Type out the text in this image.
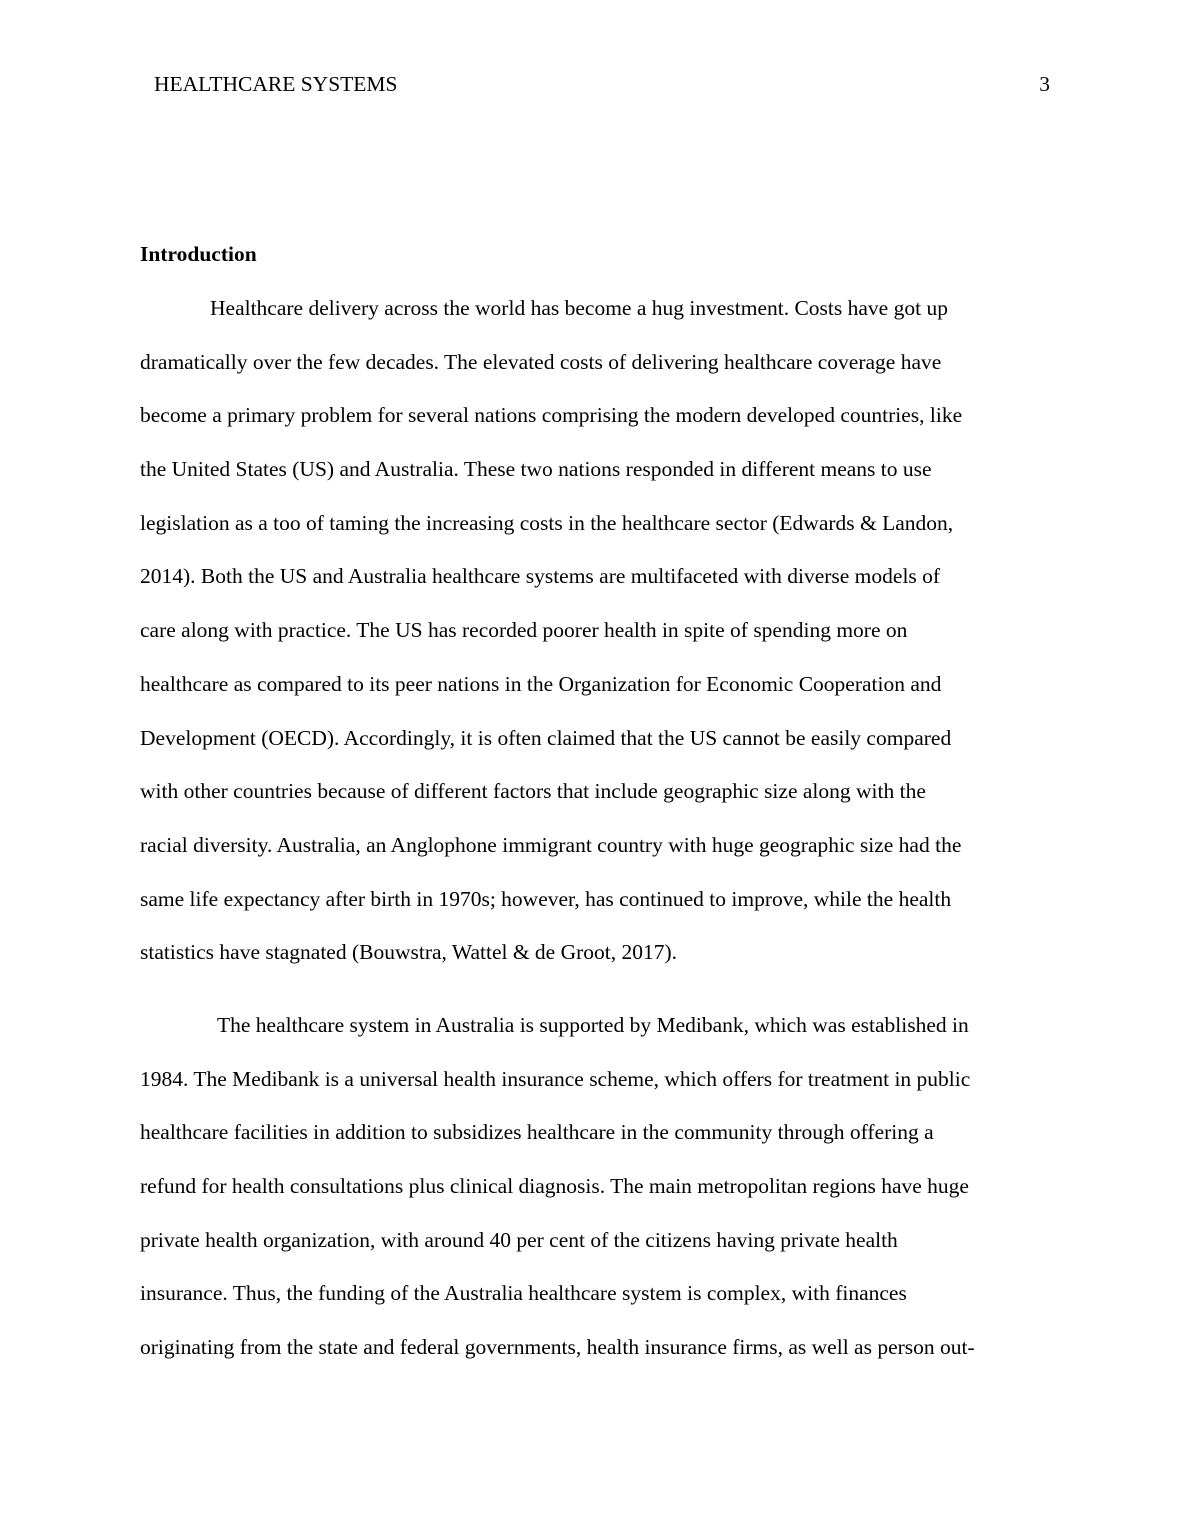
HEALTHCARE SYSTEMS	3
Introduction

Healthcare delivery across the world has become a hug investment. Costs have got up
dramatically over the few decades. The elevated costs of delivering healthcare coverage have
become a primary problem for several nations comprising the modern developed countries, like
the United States (US) and Australia. These two nations responded in different means to use
legislation as a too of taming the increasing costs in the healthcare sector (Edwards & Landon,
2014). Both the US and Australia healthcare systems are multifaceted with diverse models of
care along with practice. The US has recorded poorer health in spite of spending more on
healthcare as compared to its peer nations in the Organization for Economic Cooperation and
Development (OECD). Accordingly, it is often claimed that the US cannot be easily compared
with other countries because of different factors that include geographic size along with the
racial diversity. Australia, an Anglophone immigrant country with huge geographic size had the
same life expectancy after birth in 1970s; however, has continued to improve, while the health
statistics have stagnated (Bouwstra, Wattel & de Groot, 2017).

The healthcare system in Australia is supported by Medibank, which was established in
1984. The Medibank is a universal health insurance scheme, which offers for treatment in public
healthcare facilities in addition to subsidizes healthcare in the community through offering a
refund for health consultations plus clinical diagnosis. The main metropolitan regions have huge
private health organization, with around 40 per cent of the citizens having private health
insurance. Thus, the funding of the Australia healthcare system is complex, with finances
originating from the state and federal governments, health insurance firms, as well as person out-
